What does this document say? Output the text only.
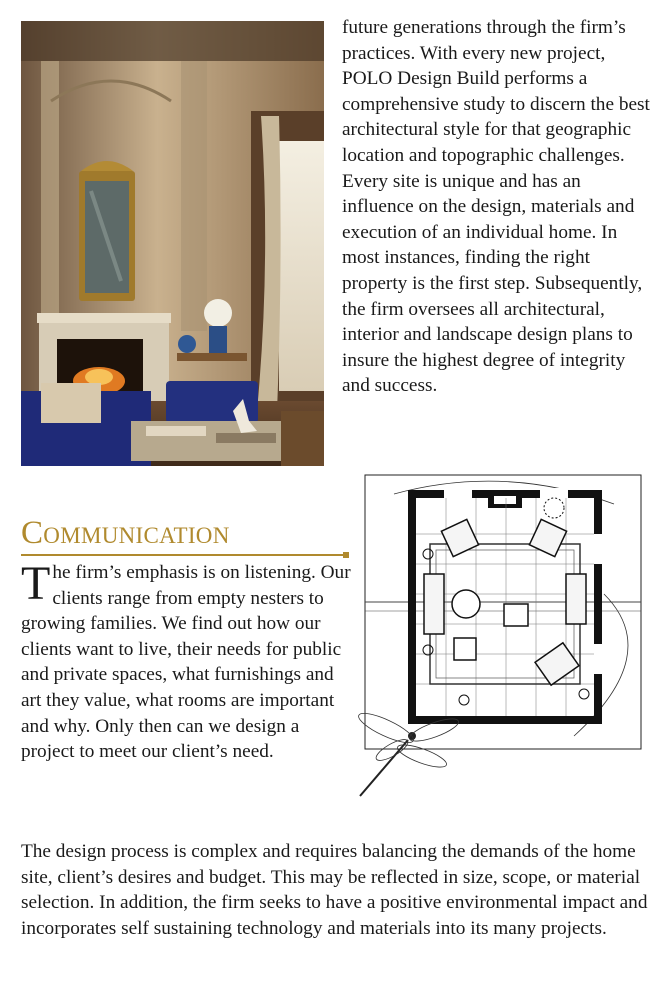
future generations through the firm’s practices. With every new project, POLO Design Build performs a comprehensive study to discern the best architectural style for that geographic location and topographic challenges. Every site is unique and has an influence on the design, materials and execution of an individual home. In most instances, finding the right property is the first step. Subsequently, the firm oversees all architectural, interior and landscape design plans to insure the highest degree of integrity and success.

Communication

The firm’s emphasis is on listening. Our clients range from empty nesters to growing families. We find out how our clients want to live, their needs for public and private spaces, what furnishings and art they value, what rooms are important and why. Only then can we design a project to meet our client’s need.

The design process is complex and requires balancing the demands of the home site, client’s desires and budget. This may be reflected in size, scope, or material selection. In addition, the firm seeks to have a positive environmental impact and incorporates self sustaining technology and materials into its many projects.
